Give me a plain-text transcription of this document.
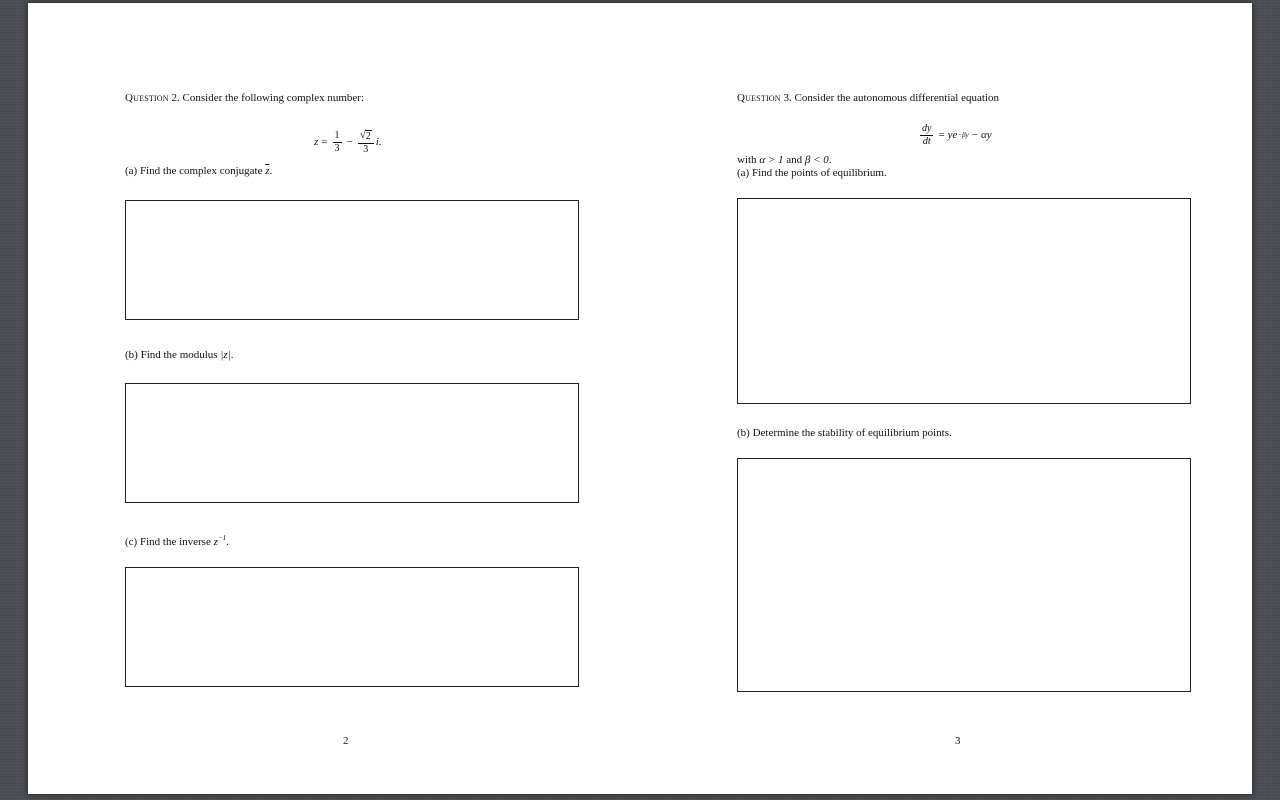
Question 2. Consider the following complex number:
$z = \frac{1}{3} - \frac{√ 2}{3} i$.
(a) Find the complex conjugate $\overline{z}$.
(b) Find the modulus |z|.
(c) Find the inverse $z^{-1}$.
2
Question 3. Consider the autonomous differential equation
$\frac{dy}{dt}$ = ye −βy − αy
with α > 1 and β < 0.
(a) Find the points of equilibrium.
(b) Determine the stability of equilibrium points.
3
